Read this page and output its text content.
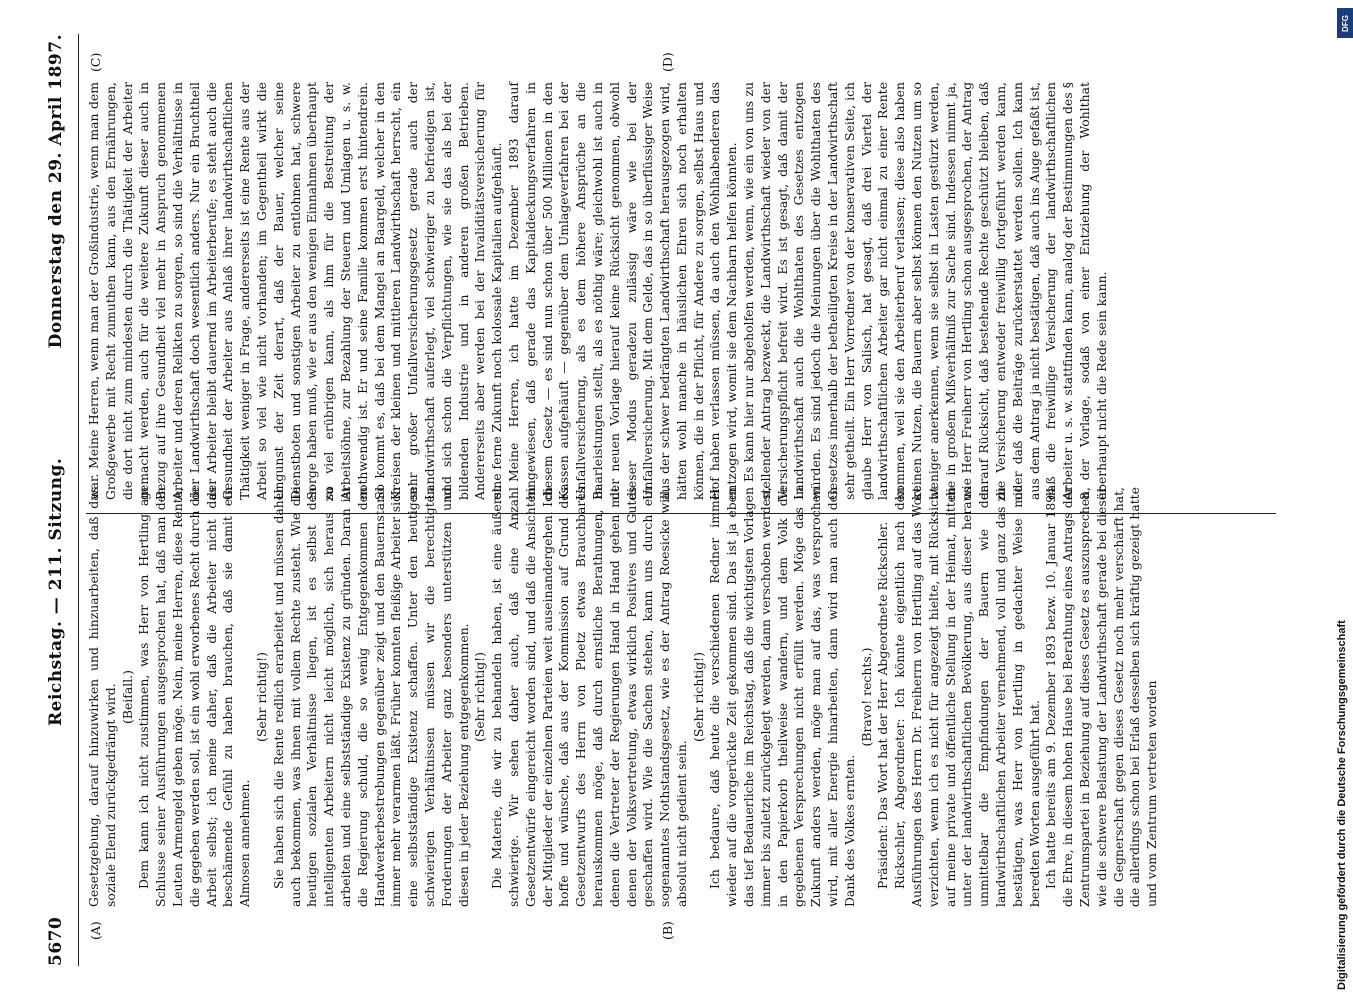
5670
Reichstag. — 211. Sitzung.
Donnerstag den 29. April 1897.
(A)	(B)
(C)	(D)

Gesetzgebung, darauf hinzuwirken und hinzuarbeiten, daß das soziale Elend zurückgedrängt wird. (Beifall.) Dem kann ich nicht zustimmen, was Herr von Hertling am Schlusse seiner Ausführungen ausgesprochen hat, daß man den Leuten Armengeld geben möge. Nein, meine Herren, diese Rente, die gegeben werden soll, ist ein wohl erworbenes Recht durch die Arbeit selbst; ich meine daher, daß die Arbeiter nicht das beschämende Gefühl zu haben brauchen, daß sie damit ein Almosen annehmen.

(Sehr richtig!) Sie haben sich die Rente redlich erarbeitet und müssen daher auch bekommen, was ihnen mit vollem Rechte zusteht. Wie die heutigen sozialen Verhältnisse liegen, ist es selbst den intelligenten Arbeitern nicht leicht möglich, sich heraus zu arbeiten und eine selbstständige Existenz zu gründen. Daran ist die Regierung schuld, die so wenig Entgegenkommen den Handwerkerbestrebungen gegenüber zeigt und den Bauernstand immer mehr verarmen läßt. Früher konnten fleißige Arbeiter sich eine selbstständige Existenz schaffen. Unter den heutigen schwierigen Verhältnissen müssen wir die berechtigten Forderungen der Arbeiter ganz besonders unterstützen und diesen in jeder Beziehung entgegenkommen. (Sehr richtig!) Die Materie, die wir zu behandeln haben, ist eine äußerst schwierige. Wir sehen daher auch, daß eine Anzahl Gesetzentwürfe eingereicht worden sind, und daß die Ansichten der Mitglieder der einzelnen Parteien weit auseinandergehen. Ich hoffe und wünsche, daß aus der Kommission auf Grund des Gesetzentwurfs des Herrn von Ploetz etwas Brauchbares herauskommen möge, daß durch ernstliche Berathungen, in denen die Vertreter der Regierungen Hand in Hand gehen mit denen der Volksvertretung, etwas wirklich Positives und Gutes geschaffen wird. Wie die Sachen stehen, kann uns durch ein sogenanntes Nothstandsgesetz, wie es der Antrag Roesicke will, absolut nicht gedient sein.

(Sehr richtig!) Ich bedaure, daß heute die verschiedenen Redner immer wieder auf die vorgerückte Zeit gekommen sind. Das ist ja eben das tief Bedauerliche im Reichstag, daß die wichtigsten Vorlagen immer bis zuletzt zurückgelegt werden, dann verschoben werden, in den Papierkorb theilweise wandern, und dem Volk die gegebenen Versprechungen nicht erfüllt werden. Möge das in Zukunft anders werden, möge man auf das, was versprochen wird, mit aller Energie hinarbeiten, dann wird man auch den Dank des Volkes ernten.

(Bravo! rechts.) Präsident: Das Wort hat der Herr Abgeordnete Rickschler. Rickschler, Abgeordneter: Ich könnte eigentlich nach den Ausführungen des Herrn Dr. Freiherrn von Hertling auf das Wort verzichten, wenn ich es nicht für angezeigt hielte, mit Rücksicht auf meine private und öffentliche Stellung in der Heimat, mitten unter der landwirthschaftlichen Bevölkerung, aus dieser heraus unmittelbar die Empfindungen der Bauern wie der landwirthschaftlichen Arbeiter vernehmend, voll und ganz das zu bestätigen, was Herr von Hertling in gedachter Weise mit beredten Worten ausgeführt hat. Ich hatte bereits am 9. Dezember 1893 bezw. 10. Januar 1894 die Ehre, in diesem hohen Hause bei Berathung eines Antrags der Zentrumspartei in Beziehung auf dieses Gesetz es auszusprechen, wie die schwere Belastung der Landwirthschaft gerade bei dieser die Gegnerschaft gegen dieses Gesetz noch mehr verschärft hat, die allerdings schon bei Erlaß desselben sich kräftig gezeigt hatte und vom Zentrum vertreten worden

war. Meine Herren, wenn man der Großindustrie, wenn man dem Großgewerbe mit Recht zumuthen kann, aus den Ernährungen, die dort nicht zum mindesten durch die Thätigkeit der Arbeiter gemacht werden, auch für die weitere Zukunft dieser auch in Bezug auf ihre Gesundheit viel mehr in Anspruch genommenen Arbeiter und deren Relikten zu sorgen, so sind die Verhältnisse in der Landwirthschaft doch wesentlich anders. Nur ein Bruchtheil der Arbeiter bleibt dauernd im Arbeiterberufe; es steht auch die Gesundheit der Arbeiter aus Anlaß ihrer landwirthschaftlichen Thätigkeit weniger in Frage, andererseits ist eine Rente aus der Arbeit so viel wie nicht vorhanden; im Gegentheil wirkt die Ungunst der Zeit derart, daß der Bauer, welcher seine Dienstboten und sonstigen Arbeiter zu entlohnen hat, schwere Sorge haben muß, wie er aus den wenigen Einnahmen überhaupt so viel erübrigen kann, als ihm für die Bestreitung der Arbeitslöhne, zur Bezahlung der Steuern und Umlagen u. s. w. nothwendig ist. Er und seine Familie kommen erst hintendrein. So kommt es, daß bei dem Mangel an Baargeld, welcher in den Kreisen der kleinen und mittleren Landwirthschaft herrscht, ein sehr großer Unfallversicherungsgesetz gerade auch der Landwirthschaft auferlegt, viel schwieriger zu befriedigen ist, und sich schon die Verpflichtungen, wie sie das als bei der bildenden Industrie und in anderen großen Betrieben. Andererseits aber werden bei der Invaliditätsversicherung für eine ferne Zukunft noch kolossale Kapitalien aufgehäuft. Meine Herren, ich hatte im Dezember 1893 darauf hingewiesen, daß gerade das Kapitaldeckungsverfahren in diesem Gesetz — es sind nun schon über 500 Millionen in den Kassen aufgehäuft — gegenüber dem Umlageverfahren bei der Unfallversicherung, als es dem höhere Ansprüche an die Baarleistungen stellt, als es nöthig wäre; gleichwohl ist auch in der neuen Vorlage hierauf keine Rücksicht genommen, obwohl dieser Modus geradezu zulässig wäre wie bei der Unfallversicherung. Mit dem Gelde, das in so überflüssiger Weise aus der schwer bedrängten Landwirthschaft herausgezogen wird, hätten wohl manche in häuslichen Ehren sich noch erhalten können, die in der Pflicht, für Andere zu sorgen, selbst Haus und Hof haben verlassen müssen, da auch den Wohlhabenderen das entzogen wird, womit sie dem Nachbarn helfen könnten. Es kann hier nur abgeholfen werden, wenn, wie ein von uns zu stellender Antrag bezweckt, die Landwirthschaft wieder von der Versicherungspflicht befreit wird. Es ist gesagt, daß damit der Landwirthschaft auch die Wohlthaten des Gesetzes entzogen würden. Es sind jedoch die Meinungen über die Wohlthaten des Gesetzes innerhalb der betheiligten Kreise in der Landwirthschaft sehr getheilt. Ein Herr Vorredner von der konservativen Seite, ich glaube Herr von Salisch, hat gesagt, daß drei Viertel der landwirthschaftlichen Arbeiter gar nicht einmal zu einer Rente kommen, weil sie den Arbeiterberuf verlassen; diese also haben keinen Nutzen, die Bauern aber selbst können den Nutzen um so weniger anerkennen, wenn sie selbst in Lasten gestürzt werden, die in großem Mißverhältniß zur Sache sind. Indessen nimmt ja, wie Herr Freiherr von Hertling schon ausgesprochen, der Antrag darauf Rücksicht, daß bestehende Rechte geschützt bleiben, daß die Versicherung entweder freiwillig fortgeführt werden kann, oder daß die Beiträge zurückerstattet werden sollen. Ich kann aus dem Antrag ja nicht bestätigen, daß auch ins Auge gefaßt ist, daß die freiwillige Versicherung der landwirthschaftlichen Arbeiter u. s. w. stattfinden kann, analog der Bestimmungen des § 8 der Vorlage, sodaß von einer Entziehung der Wohlthat überhaupt nicht die Rede sein kann.

Digitalisierung gefördert durch die Deutsche Forschungsgemeinschaft
DFG
